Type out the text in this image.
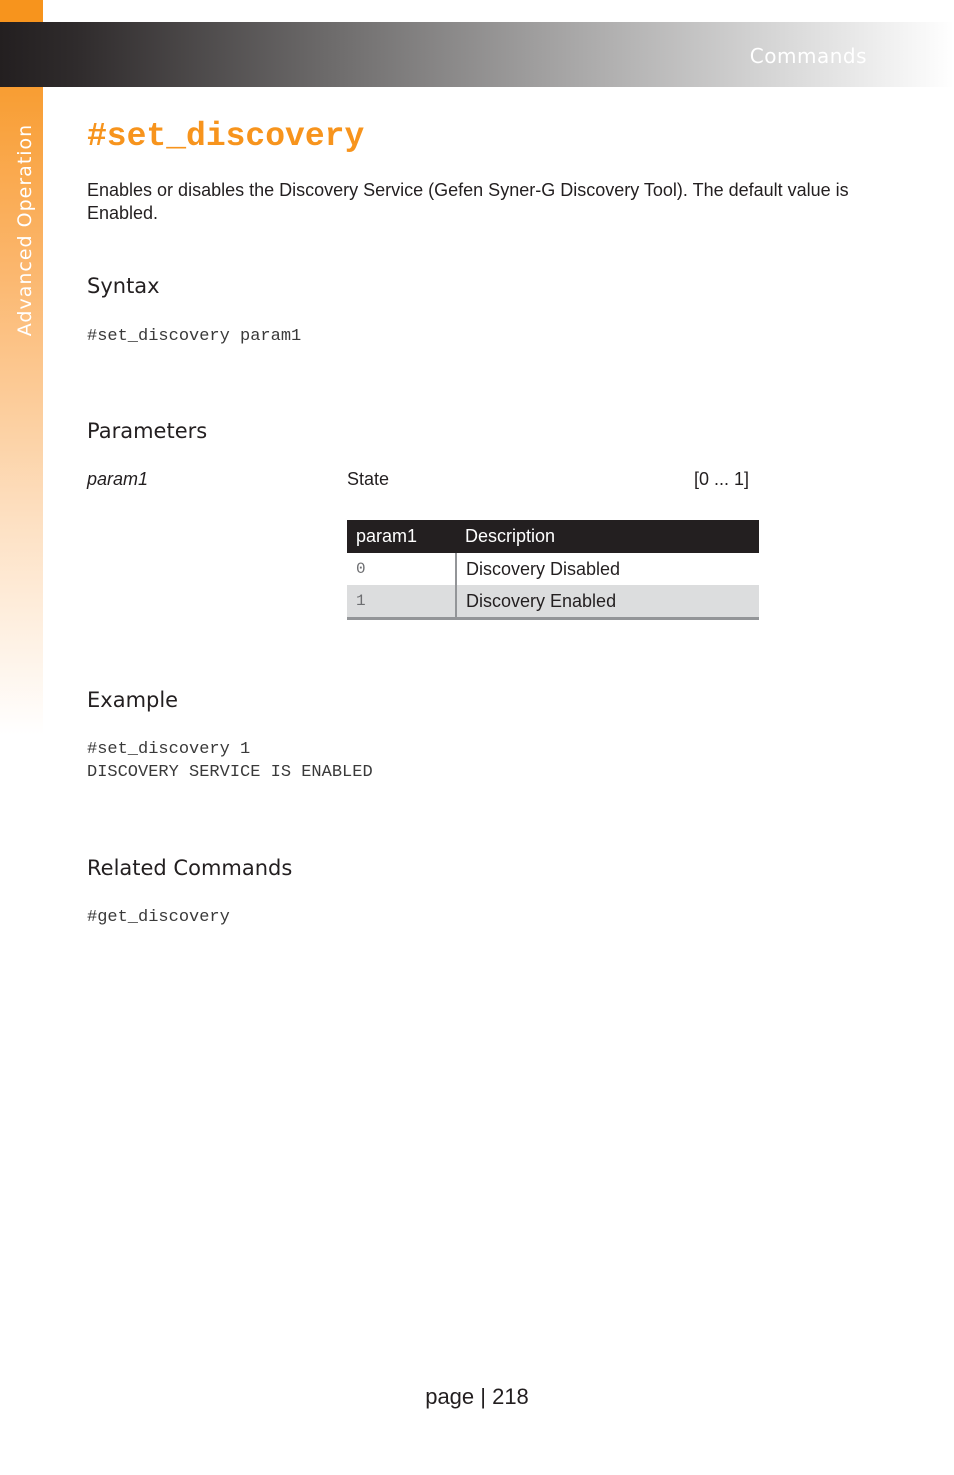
Advanced Operation
Commands
#set_discovery

Enables or disables the Discovery Service (Gefen Syner-G Discovery Tool). The default value is Enabled.

Syntax
#set_discovery param1
Parameters
param1	State	[0 ... 1]
Example
#set_discovery 1
DISCOVERY SERVICE IS ENABLED
Related Commands
#get_discovery
param1	Description
0	Discovery Disabled
1	Discovery Enabled
page | 218
